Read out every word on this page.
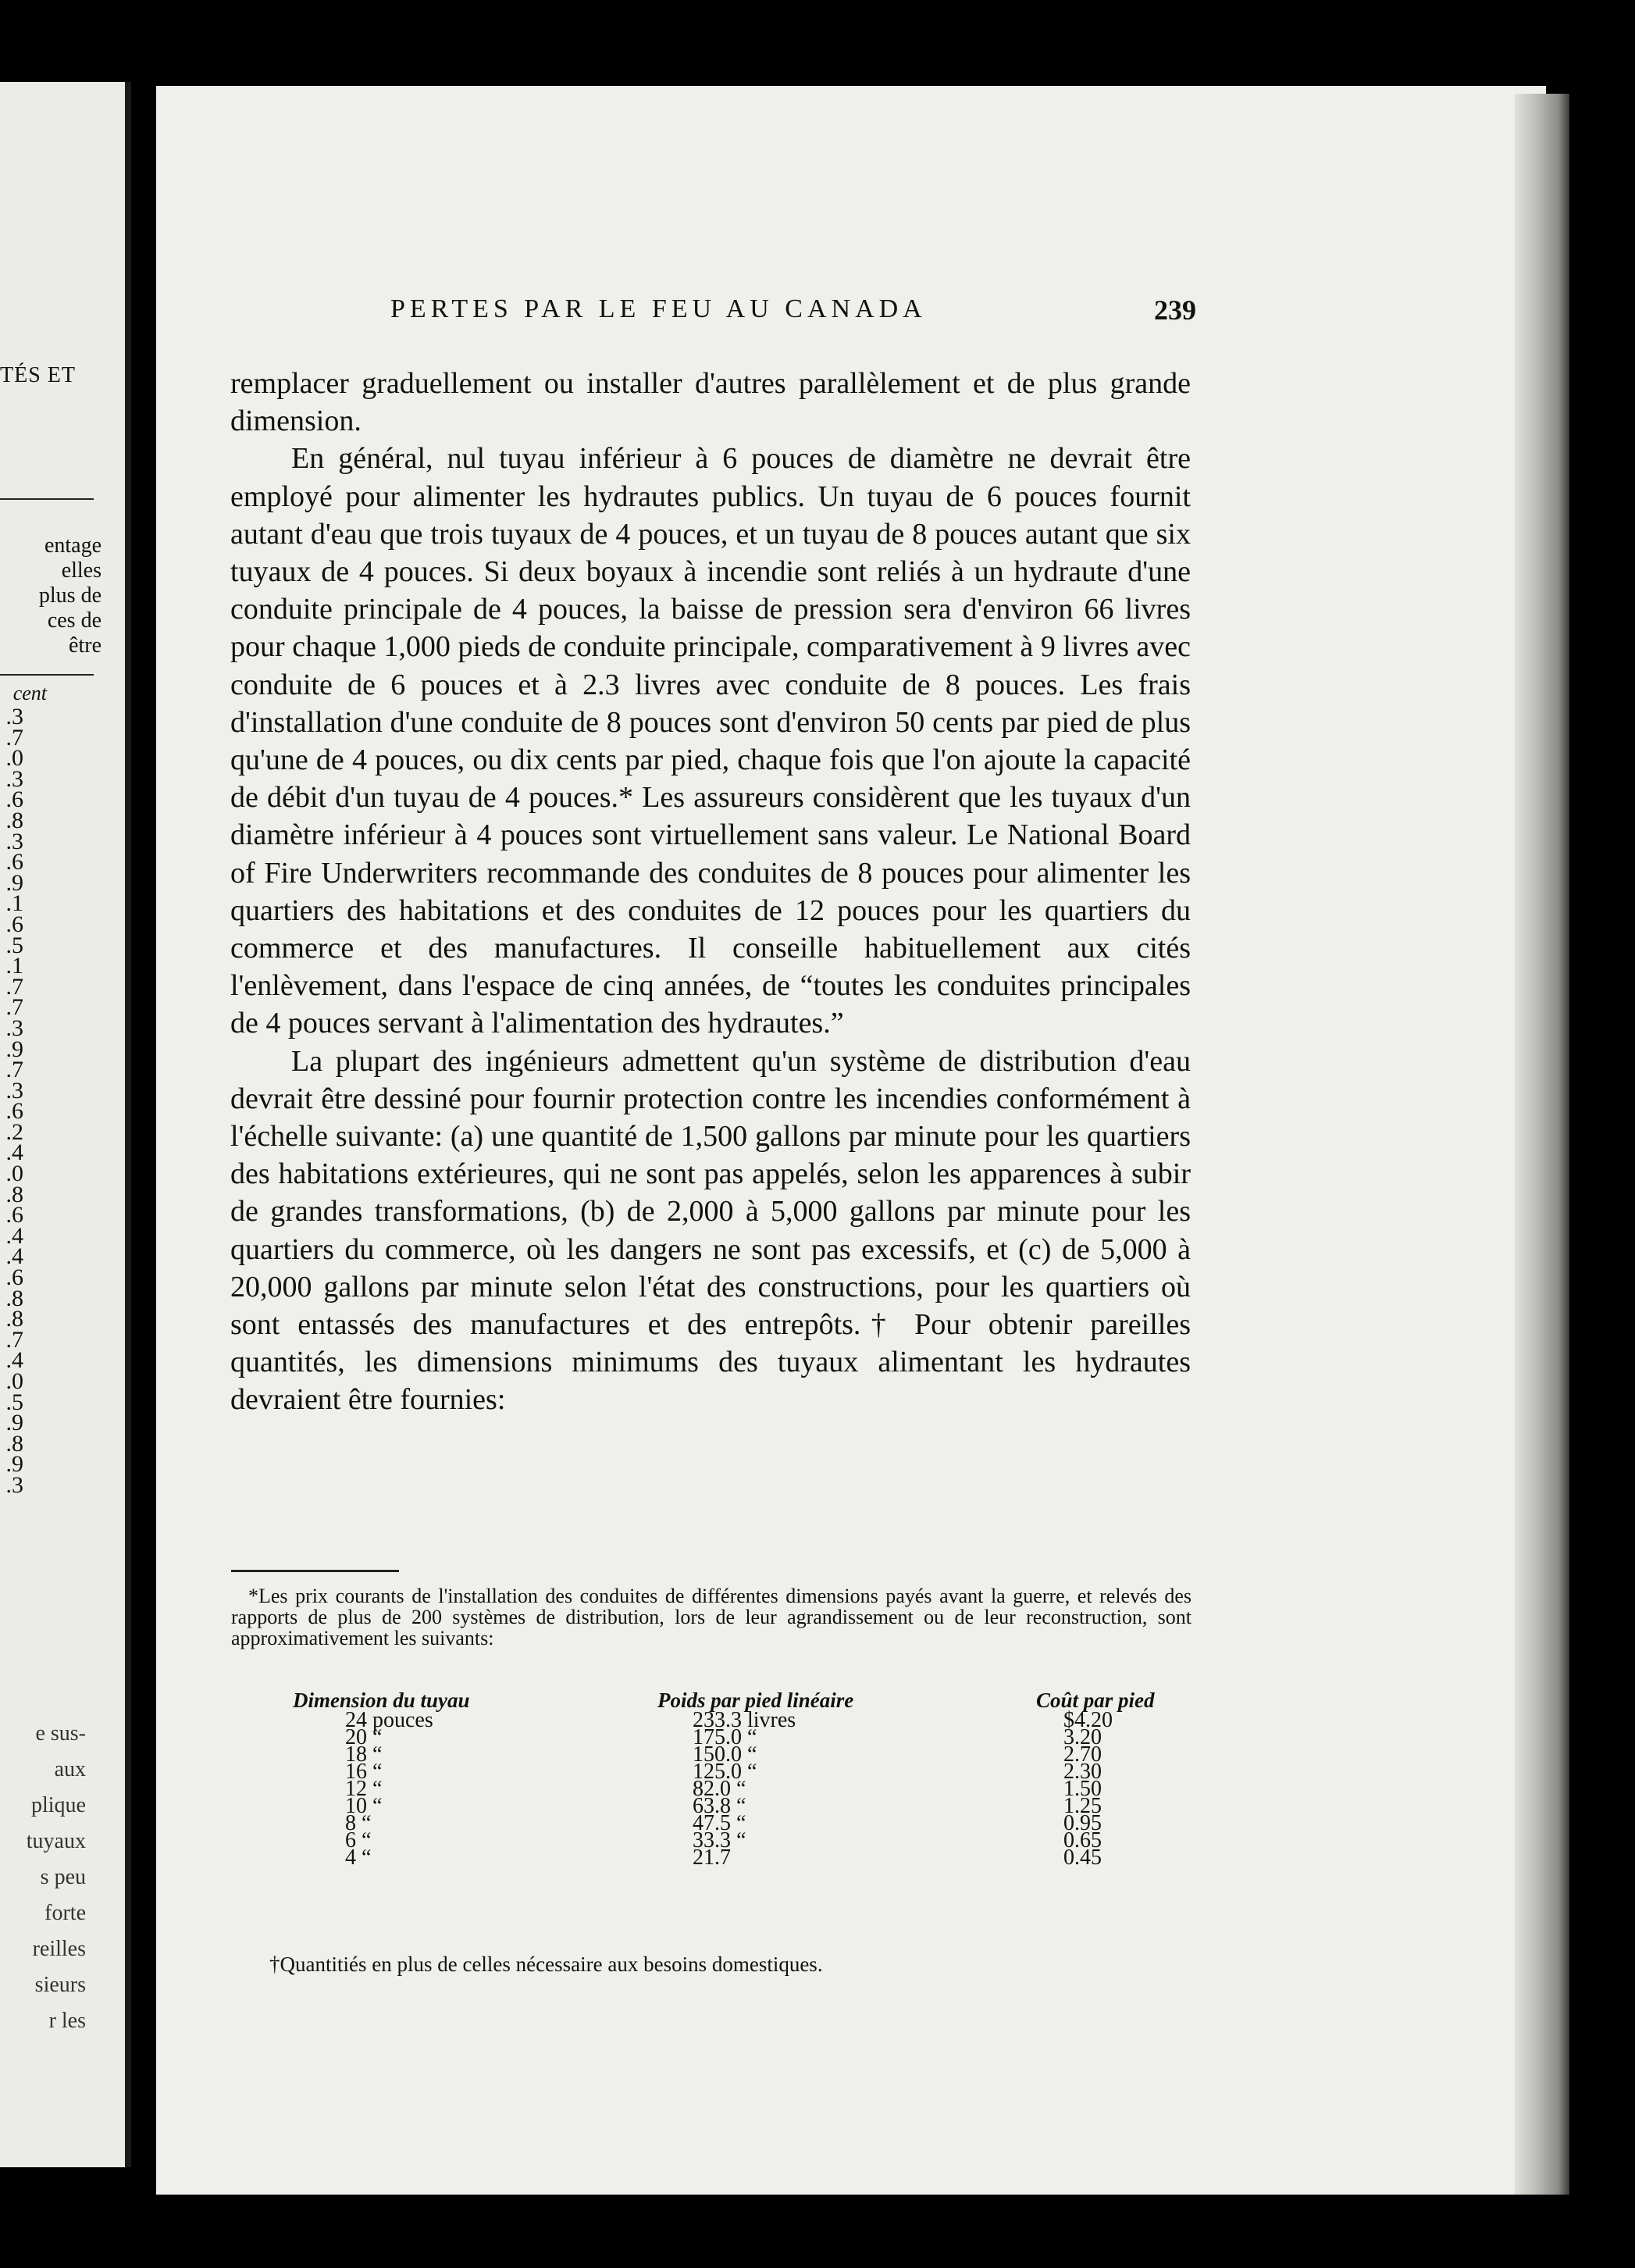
TÉS ET
entage
elles
plus de
ces de
être
cent
.3
.7
.0
.3
.6
.8
.3
.6
.9
.1
.6
.5
.1
.7
.7
.3
.9
.7
.3
.6
.2
.4
.0
.8
.6
.4
.4
.6
.8
.8
.7
.4
.0
.5
.9
.8
.9
.3
e sus-
aux
plique
tuyaux
s peu
forte
reilles
sieurs
r les
PERTES PAR LE FEU AU CANADA	239

remplacer graduellement ou installer d'autres parallèlement et de plus grande dimension.

En général, nul tuyau inférieur à 6 pouces de diamètre ne devrait être employé pour alimenter les hydrautes publics. Un tuyau de 6 pouces fournit autant d'eau que trois tuyaux de 4 pouces, et un tuyau de 8 pouces autant que six tuyaux de 4 pouces. Si deux boyaux à incendie sont reliés à un hydraute d'une conduite principale de 4 pouces, la baisse de pression sera d'environ 66 livres pour chaque 1,000 pieds de conduite principale, comparativement à 9 livres avec conduite de 6 pouces et à 2.3 livres avec conduite de 8 pouces. Les frais d'installation d'une conduite de 8 pouces sont d'environ 50 cents par pied de plus qu'une de 4 pouces, ou dix cents par pied, chaque fois que l'on ajoute la capacité de débit d'un tuyau de 4 pouces.* Les assureurs considèrent que les tuyaux d'un diamètre inférieur à 4 pouces sont virtuellement sans valeur. Le National Board of Fire Underwriters recommande des conduites de 8 pouces pour alimenter les quartiers des habitations et des conduites de 12 pouces pour les quartiers du commerce et des manufactures. Il conseille habituellement aux cités l'enlèvement, dans l'espace de cinq années, de “toutes les conduites principales de 4 pouces servant à l'alimentation des hydrautes.”

La plupart des ingénieurs admettent qu'un système de distribution d'eau devrait être dessiné pour fournir protection contre les incendies conformément à l'échelle suivante: (a) une quantité de 1,500 gallons par minute pour les quartiers des habitations extérieures, qui ne sont pas appelés, selon les apparences à subir de grandes transformations, (b) de 2,000 à 5,000 gallons par minute pour les quartiers du commerce, où les dangers ne sont pas excessifs, et (c) de 5,000 à 20,000 gallons par minute selon l'état des constructions, pour les quartiers où sont entassés des manufactures et des entrepôts.† Pour obtenir pareilles quantités, les dimensions minimums des tuyaux alimentant les hydrautes devraient être fournies:

*Les prix courants de l'installation des conduites de différentes dimensions payés avant la guerre, et relevés des rapports de plus de 200 systèmes de distribution, lors de leur agrandissement ou de leur reconstruction, sont approximativement les suivants:

Dimension du tuyau	Poids par pied linéaire	Coût par pied
24 pouces	233.3 livres	$4.20
20 “	175.0 “	3.20
18 “	150.0 “	2.70
16 “	125.0 “	2.30
12 “	82.0 “	1.50
10 “	63.8 “	1.25
8 “	47.5 “	0.95
6 “	33.3 “	0.65
4 “	21.7	0.45
†Quantitiés en plus de celles nécessaire aux besoins domestiques.
